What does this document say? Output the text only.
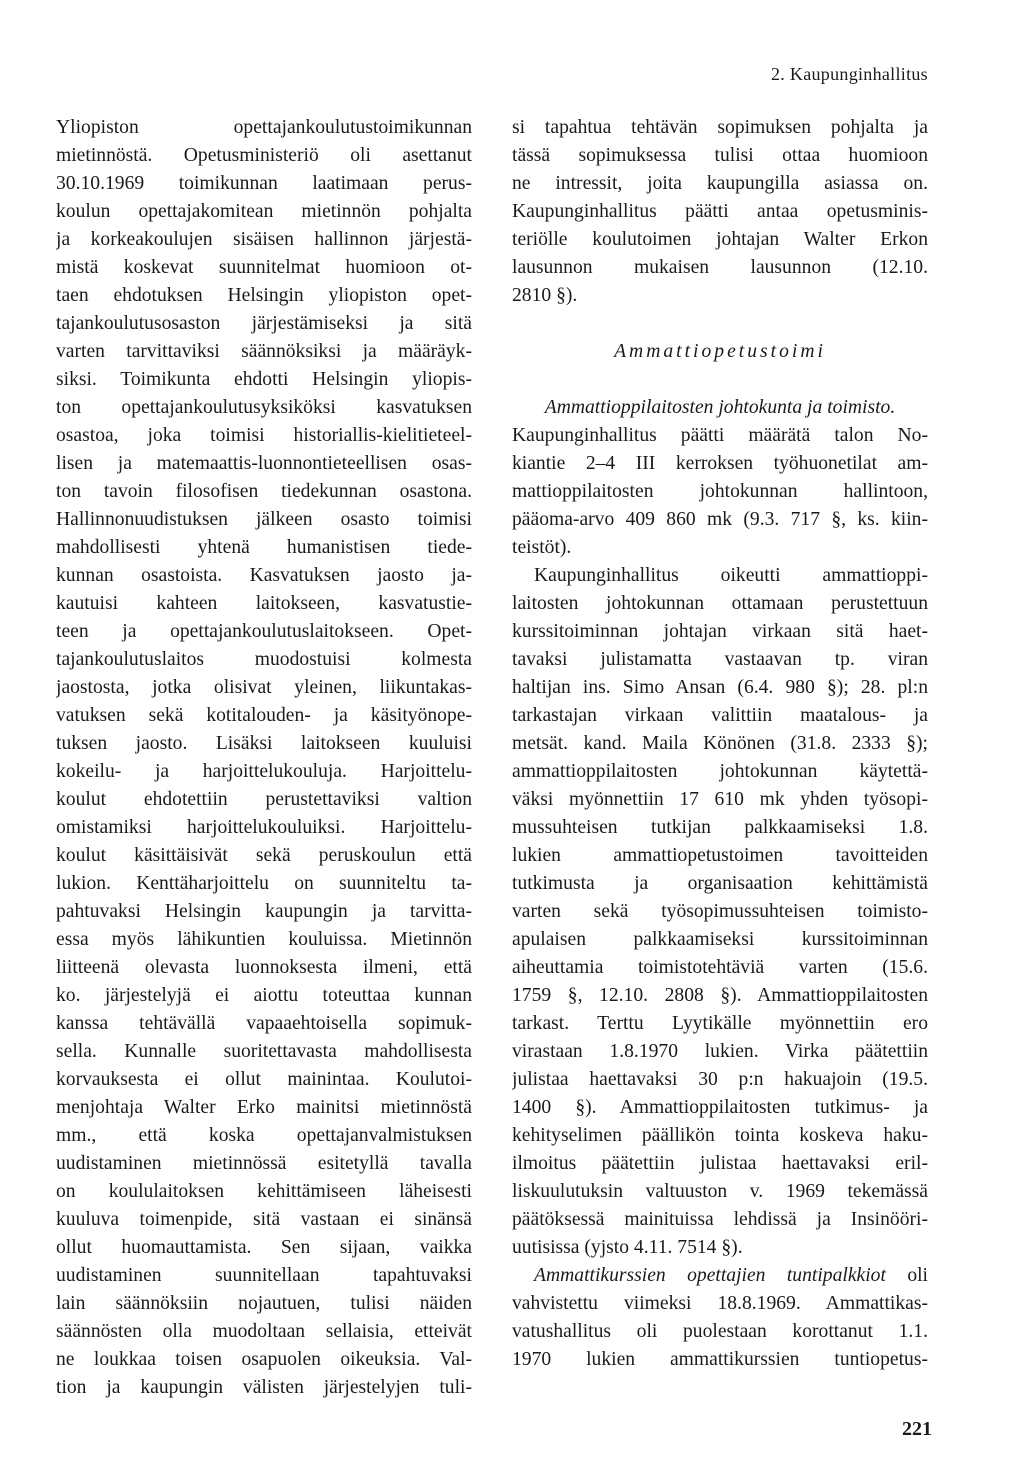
2. Kaupunginhallitus
Yliopiston opettajankoulutustoimikunnan
mietinnöstä. Opetusministeriö oli asettanut
30.10.1969 toimikunnan laatimaan perus-
koulun opettajakomitean mietinnön pohjalta
ja korkeakoulujen sisäisen hallinnon järjestä-
mistä koskevat suunnitelmat huomioon ot-
taen ehdotuksen Helsingin yliopiston opet-
tajankoulutusosaston järjestämiseksi ja sitä
varten tarvittaviksi säännöksiksi ja määräyk-
siksi. Toimikunta ehdotti Helsingin yliopis-
ton opettajankoulutusyksiköksi kasvatuksen
osastoa, joka toimisi historiallis-kielitieteel-
lisen ja matemaattis-luonnontieteellisen osas-
ton tavoin filosofisen tiedekunnan osastona.
Hallinnonuudistuksen jälkeen osasto toimisi
mahdollisesti yhtenä humanistisen tiede-
kunnan osastoista. Kasvatuksen jaosto ja-
kautuisi kahteen laitokseen, kasvatustie-
teen ja opettajankoulutuslaitokseen. Opet-
tajankoulutuslaitos muodostuisi kolmesta
jaostosta, jotka olisivat yleinen, liikuntakas-
vatuksen sekä kotitalouden- ja käsityönope-
tuksen jaosto. Lisäksi laitokseen kuuluisi
kokeilu- ja harjoittelukouluja. Harjoittelu-
koulut ehdotettiin perustettaviksi valtion
omistamiksi harjoittelukouluiksi. Harjoittelu-
koulut käsittäisivät sekä peruskoulun että
lukion. Kenttäharjoittelu on suunniteltu ta-
pahtuvaksi Helsingin kaupungin ja tarvitta-
essa myös lähikuntien kouluissa. Mietinnön
liitteenä olevasta luonnoksesta ilmeni, että
ko. järjestelyjä ei aiottu toteuttaa kunnan
kanssa tehtävällä vapaaehtoisella sopimuk-
sella. Kunnalle suoritettavasta mahdollisesta
korvauksesta ei ollut mainintaa. Koulutoi-
menjohtaja Walter Erko mainitsi mietinnöstä
mm., että koska opettajanvalmistuksen
uudistaminen mietinnössä esitetyllä tavalla
on koululaitoksen kehittämiseen läheisesti
kuuluva toimenpide, sitä vastaan ei sinänsä
ollut huomauttamista. Sen sijaan, vaikka
uudistaminen suunnitellaan tapahtuvaksi
lain säännöksiin nojautuen, tulisi näiden
säännösten olla muodoltaan sellaisia, etteivät
ne loukkaa toisen osapuolen oikeuksia. Val-
tion ja kaupungin välisten järjestelyjen tuli-
si tapahtua tehtävän sopimuksen pohjalta ja
tässä sopimuksessa tulisi ottaa huomioon
ne intressit, joita kaupungilla asiassa on.
Kaupunginhallitus päätti antaa opetusminis-
teriölle koulutoimen johtajan Walter Erkon
lausunnon mukaisen lausunnon (12.10.
2810 §).
Ammattiopetustoimi
Ammattioppilaitosten johtokunta ja toimisto.
Kaupunginhallitus päätti määrätä talon No-
kiantie 2–4 III kerroksen työhuonetilat am-
mattioppilaitosten johtokunnan hallintoon,
pääoma-arvo 409 860 mk (9.3. 717 §, ks. kiin-
teistöt).
Kaupunginhallitus oikeutti ammattioppi-
laitosten johtokunnan ottamaan perustettuun
kurssitoiminnan johtajan virkaan sitä haet-
tavaksi julistamatta vastaavan tp. viran
haltijan ins. Simo Ansan (6.4. 980 §); 28. pl:n
tarkastajan virkaan valittiin maatalous- ja
metsät. kand. Maila Könönen (31.8. 2333 §);
ammattioppilaitosten johtokunnan käytettä-
väksi myönnettiin 17 610 mk yhden työsopi-
mussuhteisen tutkijan palkkaamiseksi 1.8.
lukien ammattiopetustoimen tavoitteiden
tutkimusta ja organisaation kehittämistä
varten sekä työsopimussuhteisen toimisto-
apulaisen palkkaamiseksi kurssitoiminnan
aiheuttamia toimistotehtäviä varten (15.6.
1759 §, 12.10. 2808 §). Ammattioppilaitosten
tarkast. Terttu Lyytikälle myönnettiin ero
virastaan 1.8.1970 lukien. Virka päätettiin
julistaa haettavaksi 30 p:n hakuajoin (19.5.
1400 §). Ammattioppilaitosten tutkimus- ja
kehityselimen päällikön tointa koskeva haku-
ilmoitus päätettiin julistaa haettavaksi eril-
liskuulutuksin valtuuston v. 1969 tekemässä
päätöksessä mainituissa lehdissä ja Insinööri-
uutisissa (yjsto 4.11. 7514 §).
Ammattikurssien opettajien tuntipalkkiot oli
vahvistettu viimeksi 18.8.1969. Ammattikas-
vatushallitus oli puolestaan korottanut 1.1.
1970 lukien ammattikurssien tuntiopetus-
221
